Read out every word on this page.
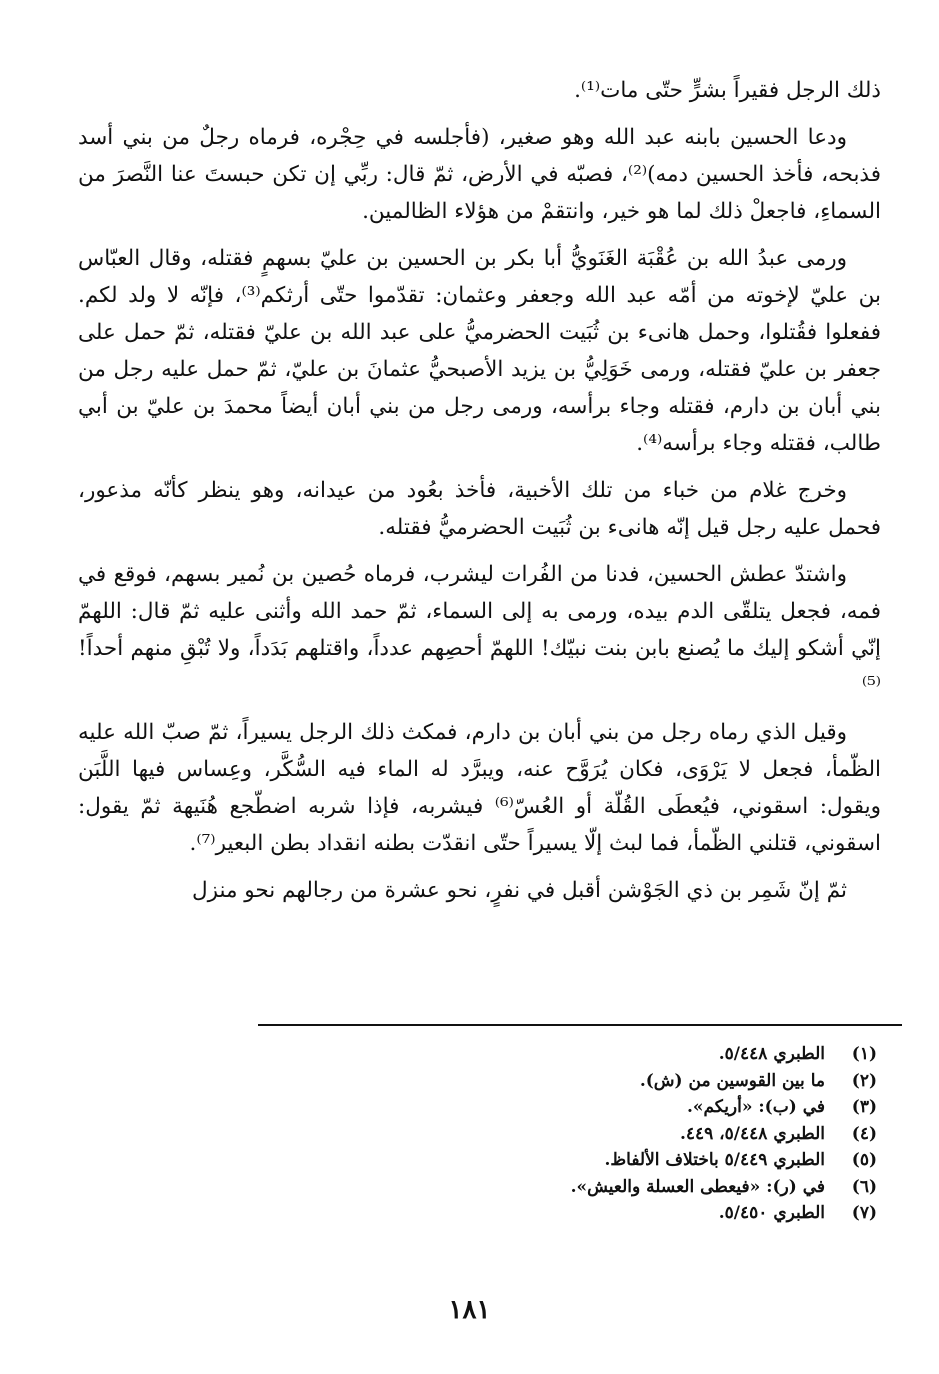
ذلك الرجل فقيراً بشرٍّ حتّى مات⁽¹⁾.

ودعا الحسين بابنه عبد الله وهو صغير، (فأجلسه في حِجْره، فرماه رجلٌ من بني أسد فذبحه، فأخذ الحسين دمه)⁽²⁾، فصبّه في الأرض، ثمّ قال: ربِّي إن تكن حبستَ عنا النَّصرَ من السماءِ، فاجعلْ ذلك لما هو خير، وانتقمْ من هؤلاء الظالمين.

ورمى عبدُ الله بن عُقْبَة الغَنَويُّ أبا بكر بن الحسين بن عليّ بسهمٍ فقتله، وقال العبّاس بن عليّ لإخوته من أمّه عبد الله وجعفر وعثمان: تقدّموا حتّى أرثكم⁽³⁾، فإنّه لا ولد لكم. ففعلوا فقُتلوا، وحمل هانىء بن ثُبَيت الحضرميُّ على عبد الله بن عليّ فقتله، ثمّ حمل على جعفر بن عليّ فقتله، ورمى خَوَلِيُّ بن يزيد الأصبحيُّ عثمانَ بن عليّ، ثمّ حمل عليه رجل من بني أبان بن دارم، فقتله وجاء برأسه، ورمى رجل من بني أبان أيضاً محمدَ بن عليّ بن أبي طالب، فقتله وجاء برأسه⁽⁴⁾.

وخرج غلام من خباء من تلك الأخبية، فأخذ بعُود من عيدانه، وهو ينظر كأنّه مذعور، فحمل عليه رجل قيل إنّه هانىء بن ثُبَيت الحضرميُّ فقتله.

واشتدّ عطش الحسين، فدنا من الفُرات ليشرب، فرماه حُصين بن نُمير بسهم، فوقع في فمه، فجعل يتلقّى الدم بيده، ورمى به إلى السماء، ثمّ حمد الله وأثنى عليه ثمّ قال: اللهمّ إنّي أشكو إليك ما يُصنع بابن بنت نبيّك! اللهمّ أحصِهم عدداً، واقتلهم بَدَداً، ولا تُبْقِ منهم أحداً!⁽⁵⁾

وقيل الذي رماه رجل من بني أبان بن دارم، فمكث ذلك الرجل يسيراً، ثمّ صبّ الله عليه الظّمأ، فجعل لا يَرْوَى، فكان يُرَوَّح عنه، ويبرَّد له الماء فيه السُّكَّر، وعِساس فيها اللَّبَن ويقول: اسقوني، فيُعطَى القُلّة أو العُسّ⁽⁶⁾ فيشربه، فإذا شربه اضطّجع هُنَيهة ثمّ يقول: اسقوني، قتلني الظّمأ، فما لبث إلّا يسيراً حتّى انقدّت بطنه انقداد بطن البعير⁽⁷⁾.

ثمّ إنّ شَمِر بن ذي الجَوْشن أقبل في نفرٍ، نحو عشرة من رجالهم نحو منزل

(١)
الطبري ٥/٤٤٨.
(٢)
ما بين القوسين من (ش).
(٣)
في (ب): «أريكم».
(٤)
الطبري ٥/٤٤٨، ٤٤٩.
(٥)
الطبري ٥/٤٤٩ باختلاف الألفاظ.
(٦)
في (ر): «فيعطى العسلة والعيش».
(٧)
الطبري ٥/٤٥٠.
١٨١
